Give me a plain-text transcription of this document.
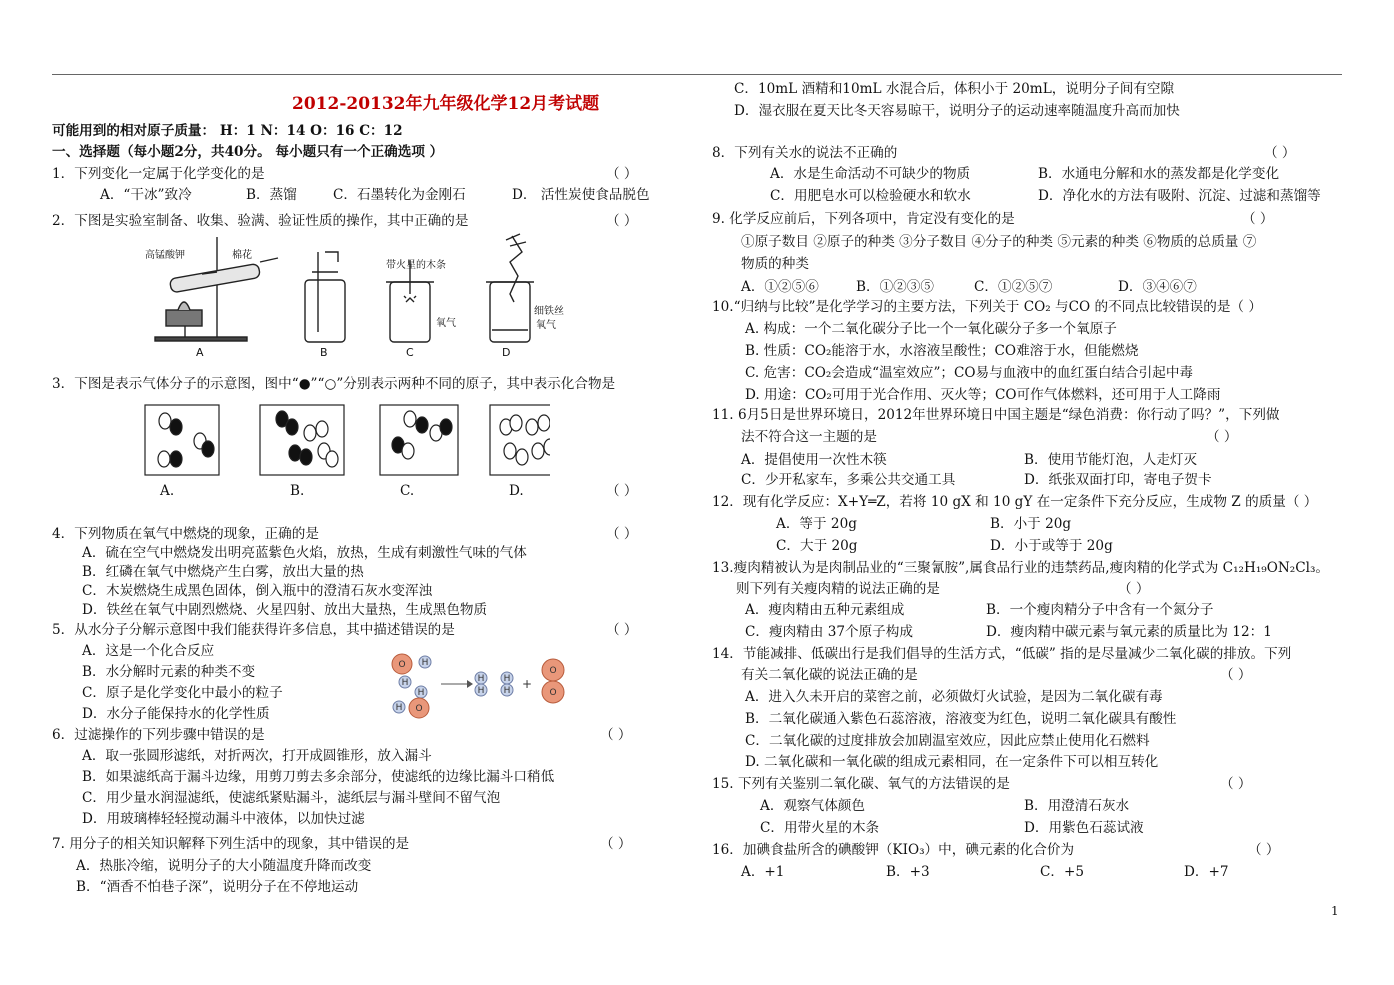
2012-20132年九年级化学12月考试题
可能用到的相对原子质量： H：1 N：14 O：16 C：12
一、选择题（每小题2分，共40分。 每小题只有一个正确选项 ）
1．下列变化一定属于化学变化的是	（ ）
A．“干冰”致冷	B．蒸馏	C．石墨转化为金刚石	D． 活性炭使食品脱色
2．下图是实验室制备、收集、验满、验证性质的操作，其中正确的是	（ ）
高锰酸钾	棉花
带火星的木条
氧气
细铁丝
氧气
A	B	C	D
3．下图是表示气体分子的示意图，图中“●”“○”分别表示两种不同的原子，其中表示化合物是
A.	B.	C.	D.	（ ）
4．下列物质在氧气中燃烧的现象，正确的是	（ ）
A．硫在空气中燃烧发出明亮蓝紫色火焰，放热，生成有刺激性气味的气体
B．红磷在氧气中燃烧产生白雾，放出大量的热
C．木炭燃烧生成黑色固体，倒入瓶中的澄清石灰水变浑浊
D．铁丝在氧气中剧烈燃烧、火星四射、放出大量热，生成黑色物质
5．从水分子分解示意图中我们能获得许多信息，其中描述错误的是	（ ）
A．这是一个化合反应
B．水分解时元素的种类不变
C．原子是化学变化中最小的粒子
D．水分子能保持水的化学性质
O H
H
H
H O
H
H
H
H +
O
O
6．过滤操作的下列步骤中错误的是	（ ）
A．取一张圆形滤纸，对折两次，打开成圆锥形，放入漏斗
B．如果滤纸高于漏斗边缘，用剪刀剪去多余部分，使滤纸的边缘比漏斗口稍低
C．用少量水润湿滤纸，使滤纸紧贴漏斗，滤纸层与漏斗壁间不留气泡
D．用玻璃棒轻轻搅动漏斗中液体，以加快过滤
7. 用分子的相关知识解释下列生活中的现象，其中错误的是	（ ）
A．热胀冷缩，说明分子的大小随温度升降而改变
B．“酒香不怕巷子深”，说明分子在不停地运动
C．10mL 酒精和10mL 水混合后，体积小于 20mL，说明分子间有空隙
D．湿衣服在夏天比冬天容易晾干，说明分子的运动速率随温度升高而加快
8．下列有关水的说法不正确的	（ ）
A．水是生命活动不可缺少的物质	B．水通电分解和水的蒸发都是化学变化
C．用肥皂水可以检验硬水和软水	D．净化水的方法有吸附、沉淀、过滤和蒸馏等
9. 化学反应前后，下列各项中，肯定没有变化的是	（ ）
①原子数目 ②原子的种类 ③分子数目 ④分子的种类 ⑤元素的种类 ⑥物质的总质量 ⑦
物质的种类
A．①②⑤⑥	B．①②③⑤	C．①②⑤⑦	D．③④⑥⑦
10.“归纳与比较”是化学学习的主要方法，下列关于 CO₂ 与CO 的不同点比较错误的是（ ）
A. 构成：一个二氧化碳分子比一个一氧化碳分子多一个氧原子
B. 性质：CO₂能溶于水，水溶液呈酸性；CO难溶于水，但能燃烧
C. 危害：CO₂会造成“温室效应”；CO易与血液中的血红蛋白结合引起中毒
D. 用途：CO₂可用于光合作用、灭火等；CO可作气体燃料，还可用于人工降雨
11. 6月5日是世界环境日，2012年世界环境日中国主题是“绿色消费：你行动了吗？”，下列做
法不符合这一主题的是	（ ）
A．提倡使用一次性木筷	B．使用节能灯泡，人走灯灭
C．少开私家车，多乘公共交通工具	D．纸张双面打印，寄电子贺卡
12．现有化学反应：X+Y═Z，若将 10 gX 和 10 gY 在一定条件下充分反应，生成物 Z 的质量（ ）
A．等于 20g	B．小于 20g
C．大于 20g	D．小于或等于 20g
13.瘦肉精被认为是肉制品业的“三聚氰胺”,属食品行业的违禁药品,瘦肉精的化学式为 C₁₂H₁₉ON₂Cl₃。
则下列有关瘦肉精的说法正确的是	（ ）
A．瘦肉精由五种元素组成	B．一个瘦肉精分子中含有一个氮分子
C．瘦肉精由 37个原子构成	D．瘦肉精中碳元素与氧元素的质量比为 12：1
14．节能减排、低碳出行是我们倡导的生活方式，“低碳” 指的是尽量减少二氧化碳的排放。下列
有关二氧化碳的说法正确的是	（ ）
A．进入久未开启的菜窖之前，必须做灯火试验，是因为二氧化碳有毒
B．二氧化碳通入紫色石蕊溶液，溶液变为红色，说明二氧化碳具有酸性
C．二氧化碳的过度排放会加剧温室效应，因此应禁止使用化石燃料
D. 二氧化碳和一氧化碳的组成元素相同，在一定条件下可以相互转化
15. 下列有关鉴别二氧化碳、氧气的方法错误的是	（ ）
A．观察气体颜色	B．用澄清石灰水
C．用带火星的木条	D．用紫色石蕊试液
16．加碘食盐所含的碘酸钾（KIO₃）中，碘元素的化合价为	（ ）
A．+1	B．+3	C．+5	D．+7
1
